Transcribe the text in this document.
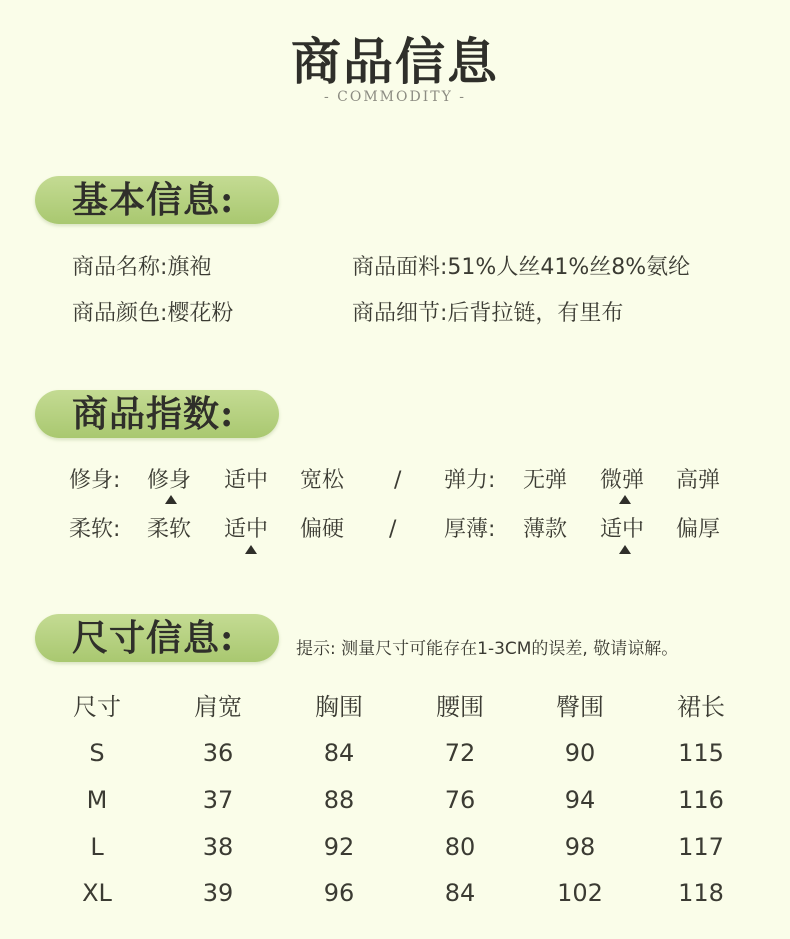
商品信息
- COMMODITY -
基本信息:
商品名称:旗袍	商品面料:51%人丝41%丝8%氨纶
商品颜色:樱花粉	商品细节:后背拉链，有里布
商品指数:
修身: 修身 适中 宽松 / 弹力: 无弹 微弹 高弹
柔软: 柔软 适中 偏硬 / 厚薄: 薄款 适中 偏厚
尺寸信息:	提示: 测量尺寸可能存在1-3CM的误差, 敬请谅解。
尺寸	肩宽	胸围	腰围	臀围	裙长
S	36	84	72	90	115
M	37	88	76	94	116
L	38	92	80	98	117
XL	39	96	84	102	118
